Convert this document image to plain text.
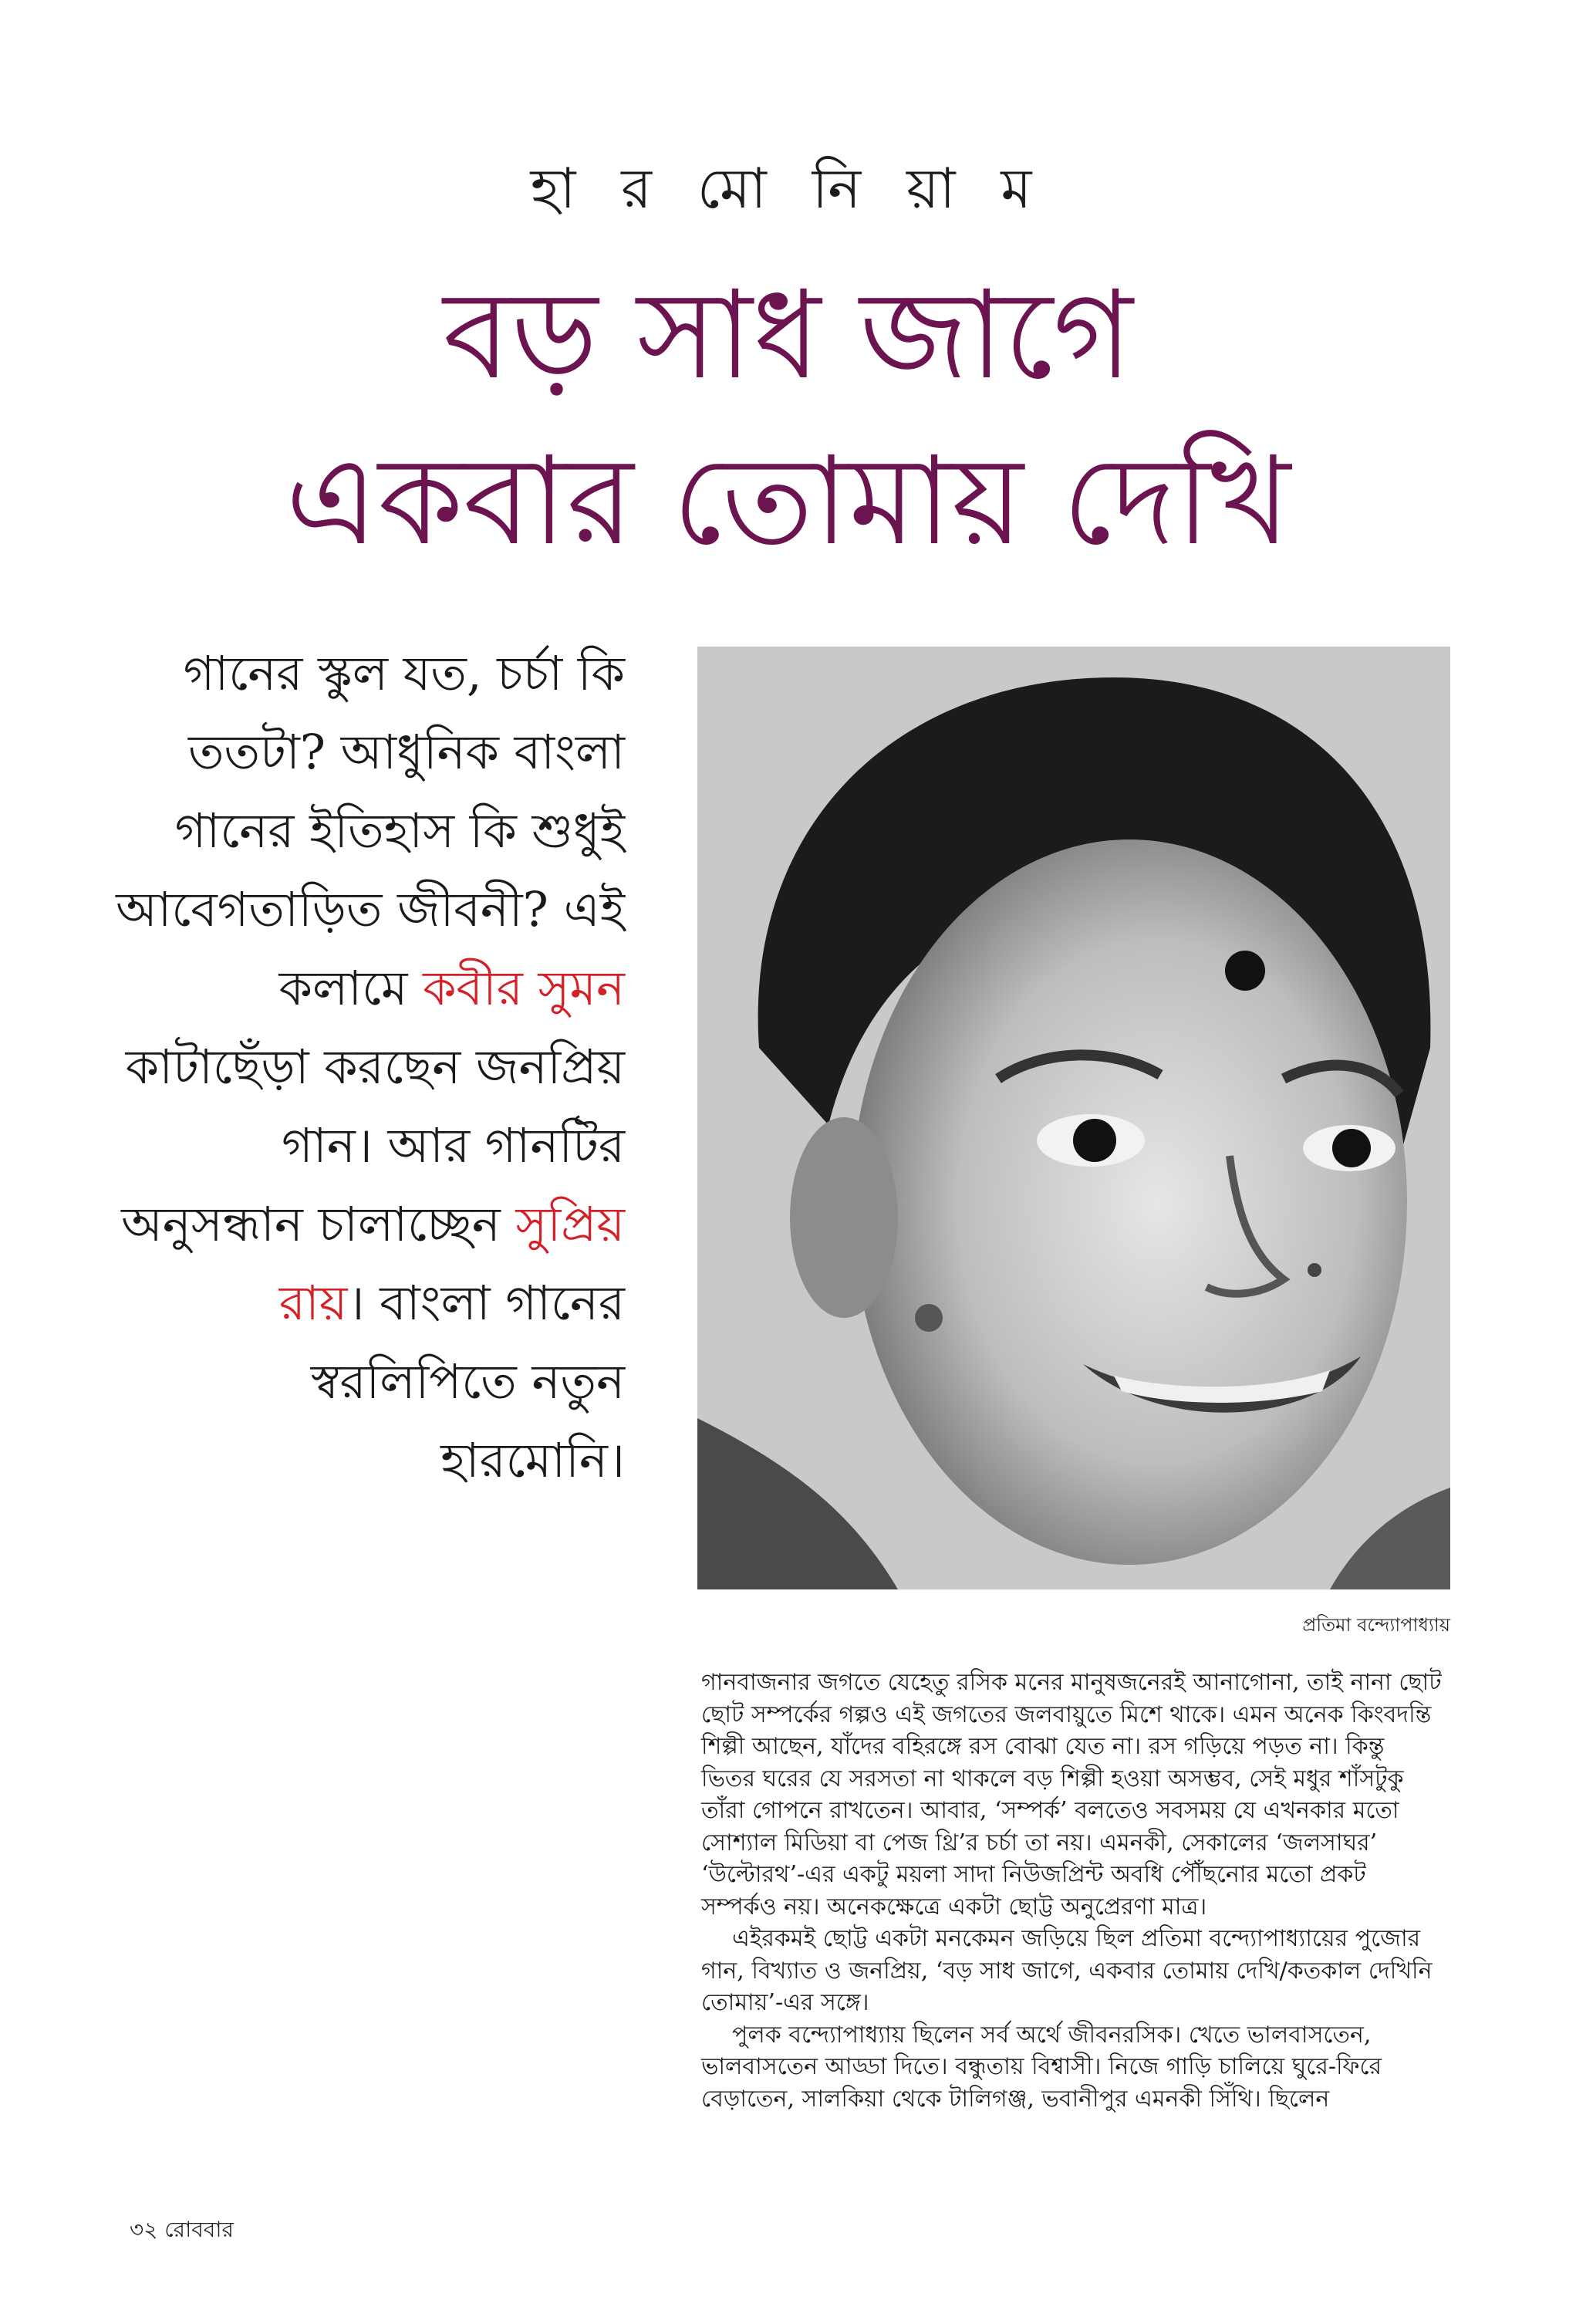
হা র মো নি য়া ম
বড় সাধ জাগে
একবার তোমায় দেখি
গানের স্কুল যত, চর্চা কি ততটা? আধুনিক বাংলা গানের ইতিহাস কি শুধুই আবেগতাড়িত জীবনী? এই কলামে কবীর সুমন কাটাছেঁড়া করছেন জনপ্রিয় গান। আর গানটির অনুসন্ধান চালাচ্ছেন সুপ্রিয় রায়। বাংলা গানের স্বরলিপিতে নতুন হারমোনি।
প্রতিমা বন্দ্যোপাধ্যায়

গানবাজনার জগতে যেহেতু রসিক মনের মানুষজনেরই আনাগোনা, তাই নানা ছোট ছোট সম্পর্কের গল্পও এই জগতের জলবায়ুতে মিশে থাকে। এমন অনেক কিংবদন্তি শিল্পী আছেন, যাঁদের বহিরঙ্গে রস বোঝা যেত না। রস গড়িয়ে পড়ত না। কিন্তু ভিতর ঘরের যে সরসতা না থাকলে বড় শিল্পী হওয়া অসম্ভব, সেই মধুর শাঁসটুকু তাঁরা গোপনে রাখতেন। আবার, ‘সম্পর্ক’ বলতেও সবসময় যে এখনকার মতো সোশ্যাল মিডিয়া বা পেজ থ্রি’র চর্চা তা নয়। এমনকী, সেকালের ‘জলসাঘর’ ‘উল্টোরথ’-এর একটু ময়লা সাদা নিউজপ্রিন্ট অবধি পৌঁছনোর মতো প্রকট সম্পর্কও নয়। অনেকক্ষেত্রে একটা ছোট্ট অনুপ্রেরণা মাত্র।

এইরকমই ছোট্ট একটা মনকেমন জড়িয়ে ছিল প্রতিমা বন্দ্যোপাধ্যায়ের পুজোর গান, বিখ্যাত ও জনপ্রিয়, ‘বড় সাধ জাগে, একবার তোমায় দেখি/কতকাল দেখিনি তোমায়’-এর সঙ্গে।

পুলক বন্দ্যোপাধ্যায় ছিলেন সর্ব অর্থে জীবনরসিক। খেতে ভালবাসতেন, ভালবাসতেন আড্ডা দিতে। বন্ধুতায় বিশ্বাসী। নিজে গাড়ি চালিয়ে ঘুরে-ফিরে বেড়াতেন, সালকিয়া থেকে টালিগঞ্জ, ভবানীপুর এমনকী সিঁথি। ছিলেন

৩২ রোববার
